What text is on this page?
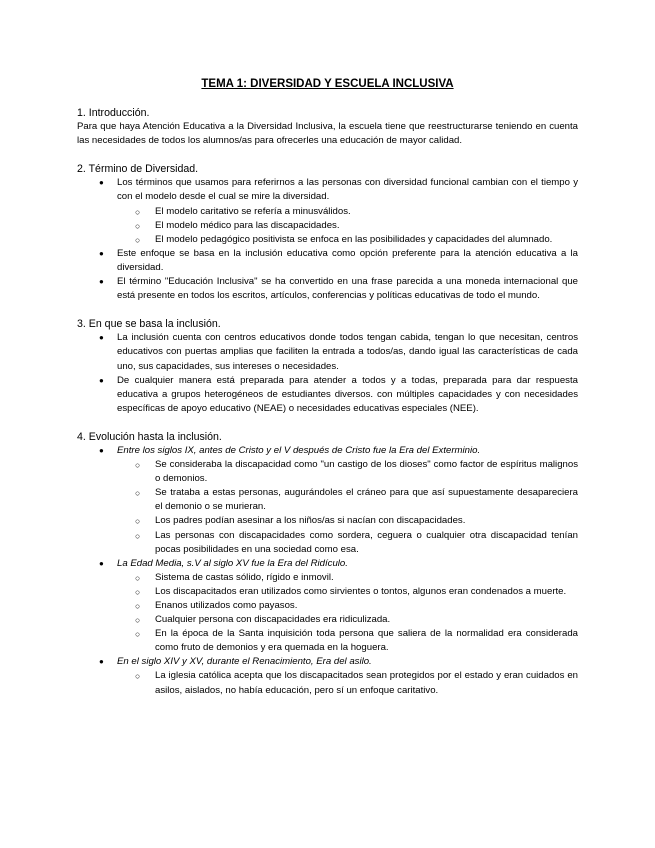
TEMA 1: DIVERSIDAD Y ESCUELA INCLUSIVA
1. Introducción.

Para que haya Atención Educativa a la Diversidad Inclusiva, la escuela tiene que reestructurarse teniendo en cuenta las necesidades de todos los alumnos/as para ofrecerles una educación de mayor calidad.

2. Término de Diversidad.
● Los términos que usamos para referirnos a las personas con diversidad funcional cambian con el tiempo y con el modelo desde el cual se mire la diversidad.
○ El modelo caritativo se refería a minusválidos.
○ El modelo médico para las discapacidades.
○ El modelo pedagógico positivista se enfoca en las posibilidades y capacidades del alumnado.
● Este enfoque se basa en la inclusión educativa como opción preferente para la atención educativa a la diversidad.
● El término "Educación Inclusiva" se ha convertido en una frase parecida a una moneda internacional que está presente en todos los escritos, artículos, conferencias y políticas educativas de todo el mundo.
3. En que se basa la inclusión.
● La inclusión cuenta con centros educativos donde todos tengan cabida, tengan lo que necesitan, centros educativos con puertas amplias que faciliten la entrada a todos/as, dando igual las características de cada uno, sus capacidades, sus intereses o necesidades.
● De cualquier manera está preparada para atender a todos y a todas, preparada para dar respuesta educativa a grupos heterogéneos de estudiantes diversos. con múltiples capacidades y con necesidades específicas de apoyo educativo (NEAE) o necesidades educativas especiales (NEE).
4. Evolución hasta la inclusión.
● Entre los siglos IX, antes de Cristo y el V después de Cristo fue la Era del Exterminio.
○ Se consideraba la discapacidad como "un castigo de los dioses" como factor de espíritus malignos o demonios.
○ Se trataba a estas personas, augurándoles el cráneo para que así supuestamente desapareciera el demonio o se murieran.
○ Los padres podían asesinar a los niños/as si nacían con discapacidades.
○ Las personas con discapacidades como sordera, ceguera o cualquier otra discapacidad tenían pocas posibilidades en una sociedad como esa.
● La Edad Media, s.V al siglo XV fue la Era del Ridículo.
○ Sistema de castas sólido, rígido e inmovil.
○ Los discapacitados eran utilizados como sirvientes o tontos, algunos eran condenados a muerte.
○ Enanos utilizados como payasos.
○ Cualquier persona con discapacidades era ridiculizada.
○ En la época de la Santa inquisición toda persona que saliera de la normalidad era considerada como fruto de demonios y era quemada en la hoguera.
● En el siglo XIV y XV, durante el Renacimiento, Era del asilo.
○ La iglesia católica acepta que los discapacitados sean protegidos por el estado y eran cuidados en asilos, aislados, no había educación, pero sí un enfoque caritativo.
